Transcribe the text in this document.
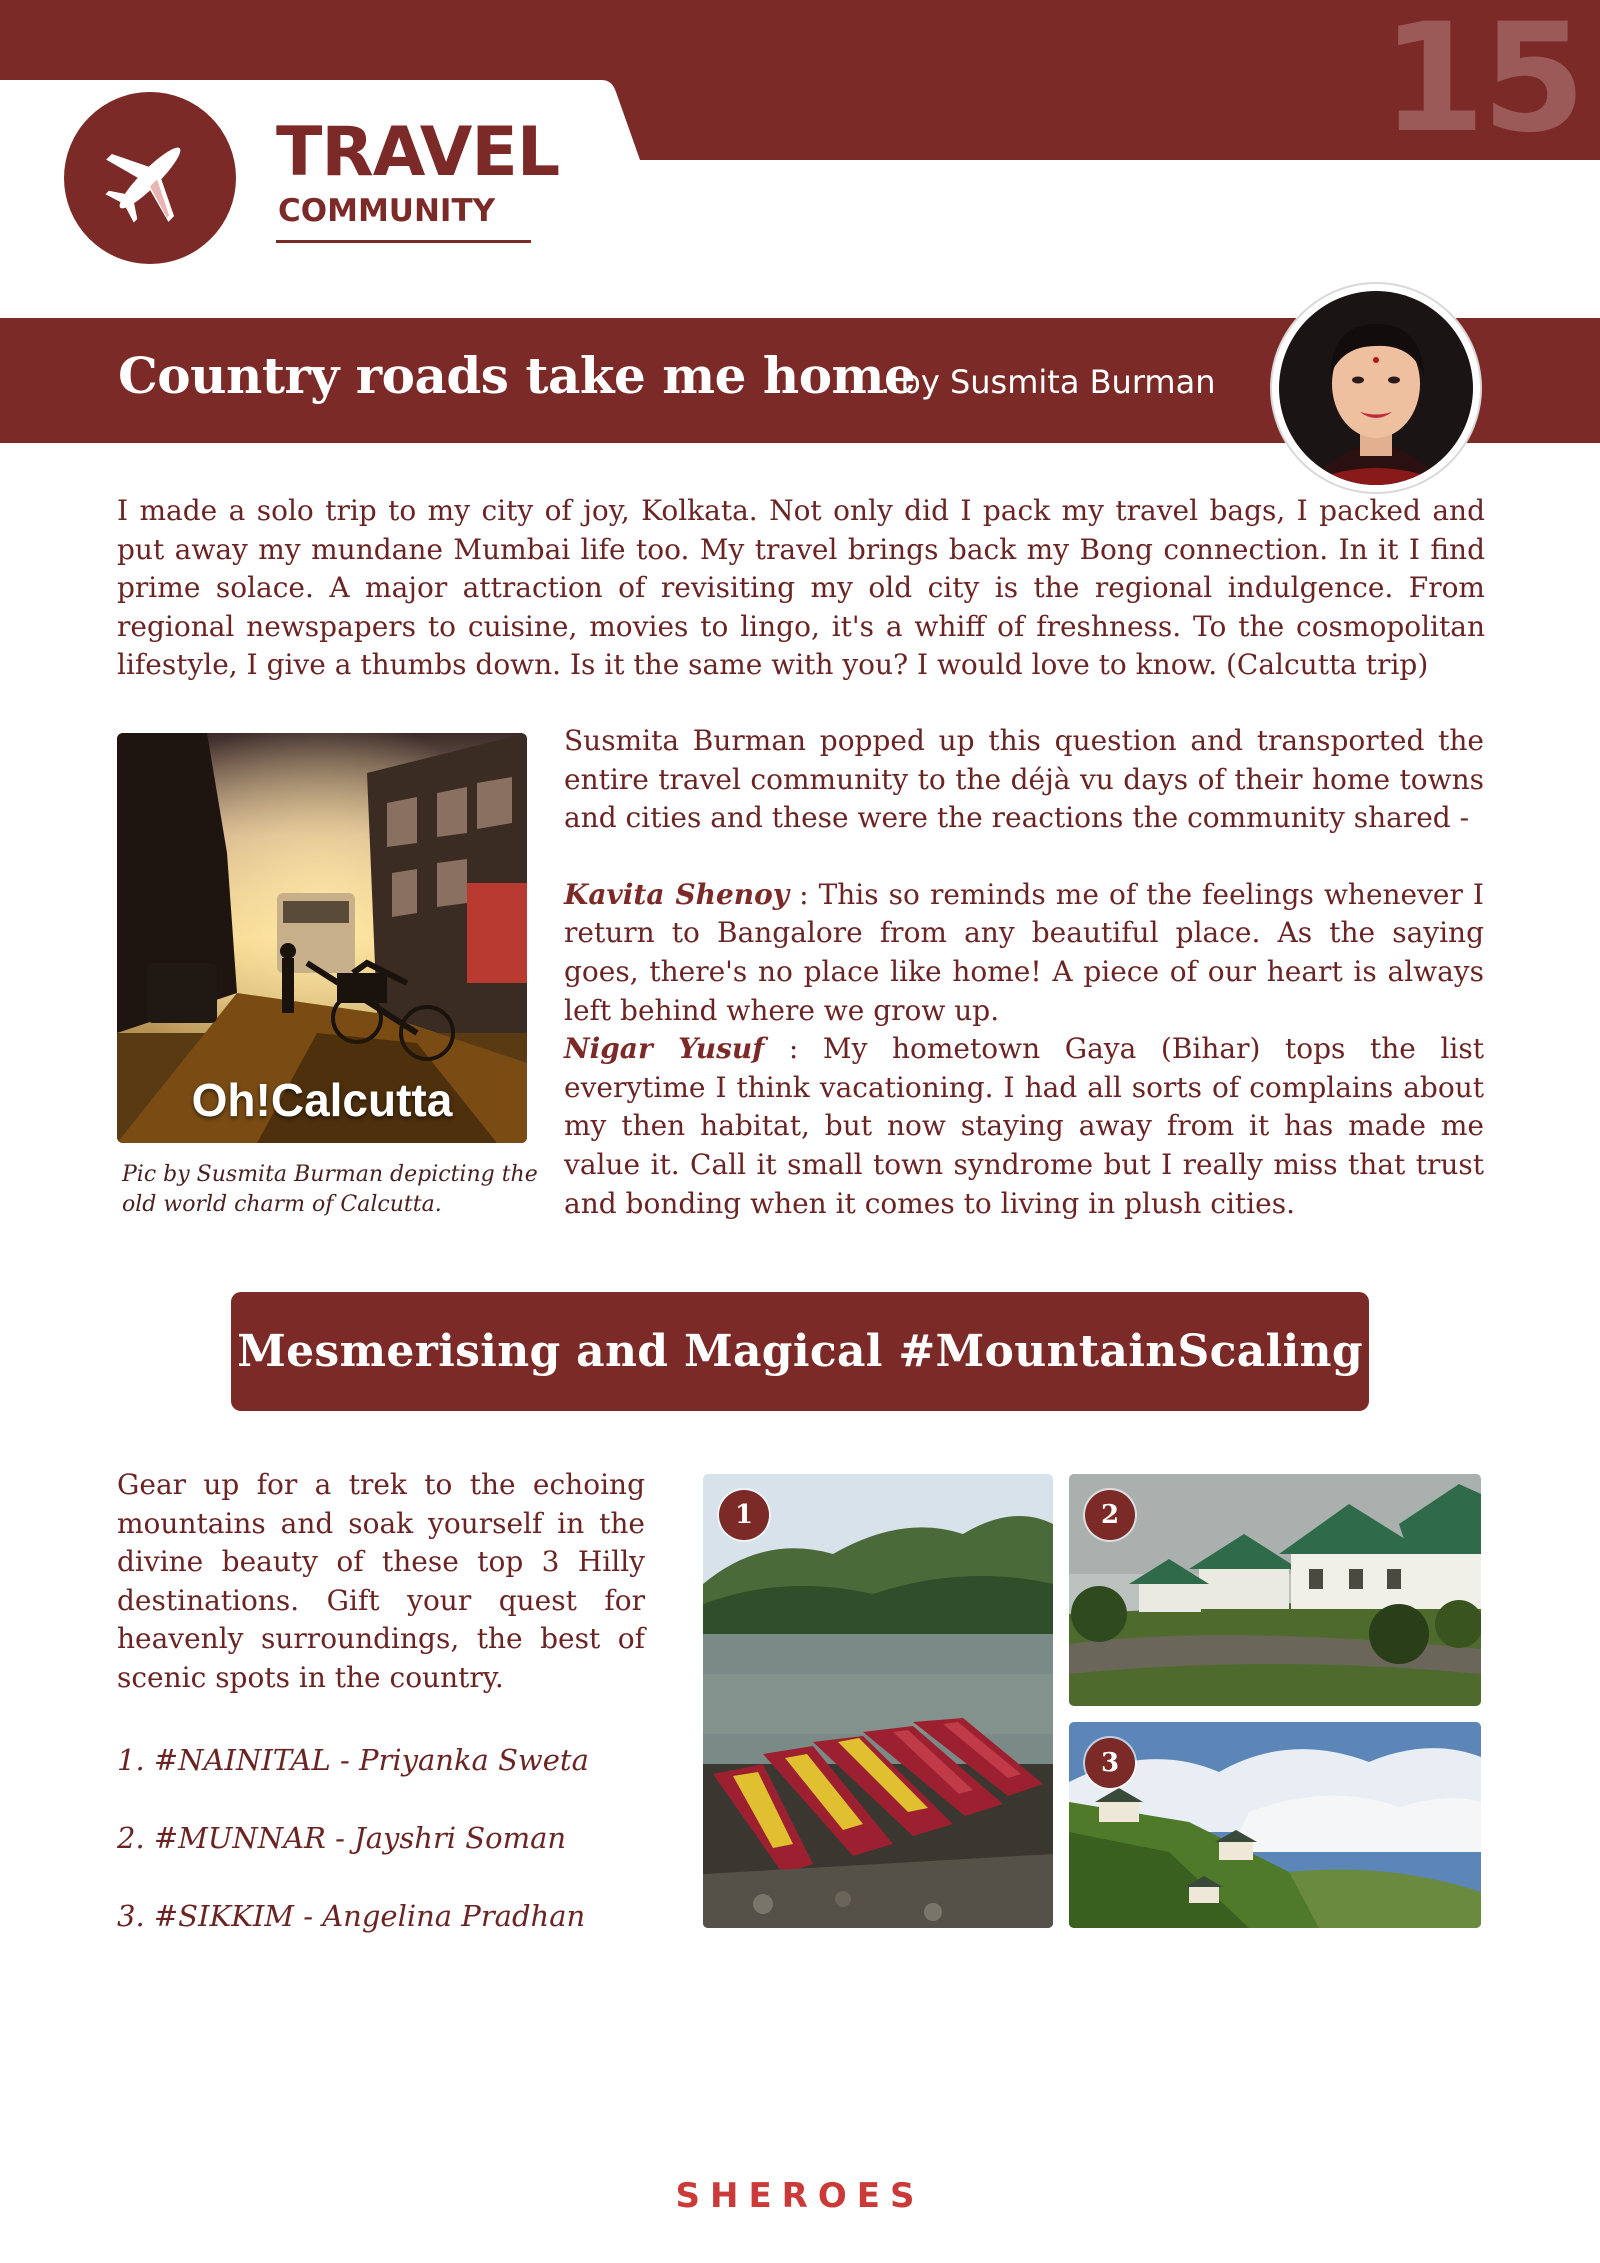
15
TRAVEL
COMMUNITY
Country roads take me home
...by Susmita Burman

I made a solo trip to my city of joy, Kolkata. Not only did I pack my travel bags, I packed and put away my mundane Mumbai life too. My travel brings back my Bong connection. In it I find prime solace. A major attraction of revisiting my old city is the regional indulgence. From regional newspapers to cuisine, movies to lingo, it's a whiff of freshness. To the cosmopolitan lifestyle, I give a thumbs down. Is it the same with you? I would love to know. (Calcutta trip)

Oh!Calcutta
Pic by Susmita Burman depicting the old world charm of Calcutta.

Susmita Burman popped up this question and transported the entire travel community to the déjà vu days of their home towns and cities and these were the reactions the community shared -

Kavita Shenoy : This so reminds me of the feelings whenever I return to Bangalore from any beautiful place. As the saying goes, there's no place like home! A piece of our heart is always left behind where we grow up.

Nigar Yusuf : My hometown Gaya (Bihar) tops the list everytime I think vacationing. I had all sorts of complains about my then habitat, but now staying away from it has made me value it. Call it small town syndrome but I really miss that trust and bonding when it comes to living in plush cities.

Mesmerising and Magical #MountainScaling

Gear up for a trek to the echoing mountains and soak yourself in the divine beauty of these top 3 Hilly destinations. Gift your quest for heavenly surroundings, the best of scenic spots in the country.

1. #NAINITAL - Priyanka Sweta
2. #MUNNAR - Jayshri Soman
3. #SIKKIM - Angelina Pradhan
1	2
3
SHEROES
